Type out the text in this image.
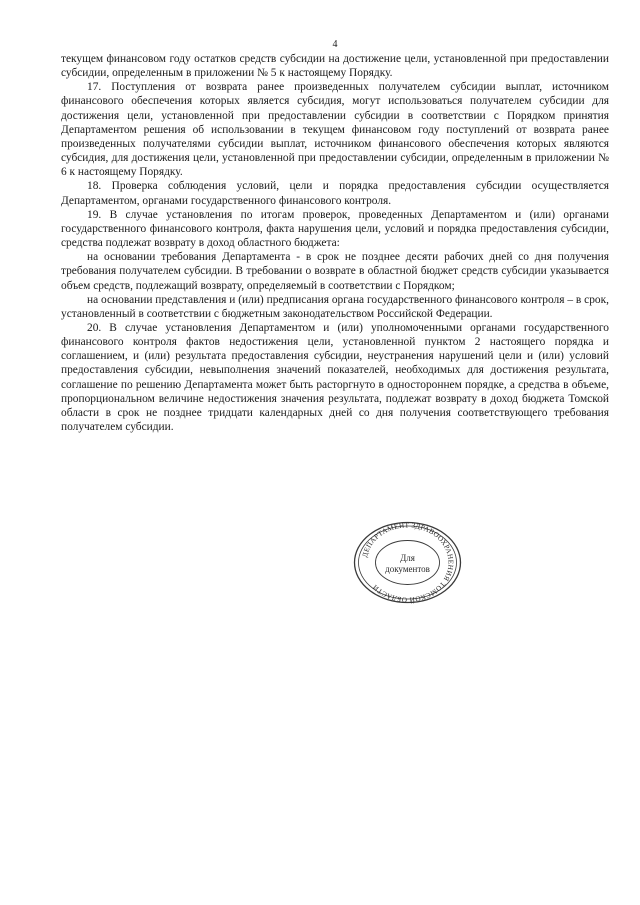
4

текущем финансовом году остатков средств субсидии на достижение цели, установленной при предоставлении субсидии, определенным в приложении № 5 к настоящему Порядку.

17. Поступления от возврата ранее произведенных получателем субсидии выплат, источником финансового обеспечения которых является субсидия, могут использоваться получателем субсидии для достижения цели, установленной при предоставлении субсидии в соответствии с Порядком принятия Департаментом решения об использовании в текущем финансовом году поступлений от возврата ранее произведенных получателями субсидии выплат, источником финансового обеспечения которых являются субсидия, для достижения цели, установленной при предоставлении субсидии, определенным в приложении № 6 к настоящему Порядку.

18. Проверка соблюдения условий, цели и порядка предоставления субсидии осуществляется Департаментом, органами государственного финансового контроля.

19. В случае установления по итогам проверок, проведенных Департаментом и (или) органами государственного финансового контроля, факта нарушения цели, условий и порядка предоставления субсидии, средства подлежат возврату в доход областного бюджета:

на основании требования Департамента - в срок не позднее десяти рабочих дней со дня получения требования получателем субсидии. В требовании о возврате в областной бюджет средств субсидии указывается объем средств, подлежащий возврату, определяемый в соответствии с Порядком;

на основании представления и (или) предписания органа государственного финансового контроля – в срок, установленный в соответствии с бюджетным законодательством Российской Федерации.

20. В случае установления Департаментом и (или) уполномоченными органами государственного финансового контроля фактов недостижения цели, установленной пунктом 2 настоящего порядка и соглашением, и (или) результата предоставления субсидии, неустранения нарушений цели и (или) условий предоставления субсидии, невыполнения значений показателей, необходимых для достижения результата, соглашение по решению Департамента может быть расторгнуто в одностороннем порядке, а средства в объеме, пропорциональном величине недостижения значения результата, подлежат возврату в доход бюджета Томской области в срок не позднее тридцати календарных дней со дня получения соответствующего требования получателем субсидии.

ДЕПАРТАМЕНТ ЗДРАВООХРАНЕНИЯ ТОМСКОЙ ОБЛАСТИ
Для
документов
